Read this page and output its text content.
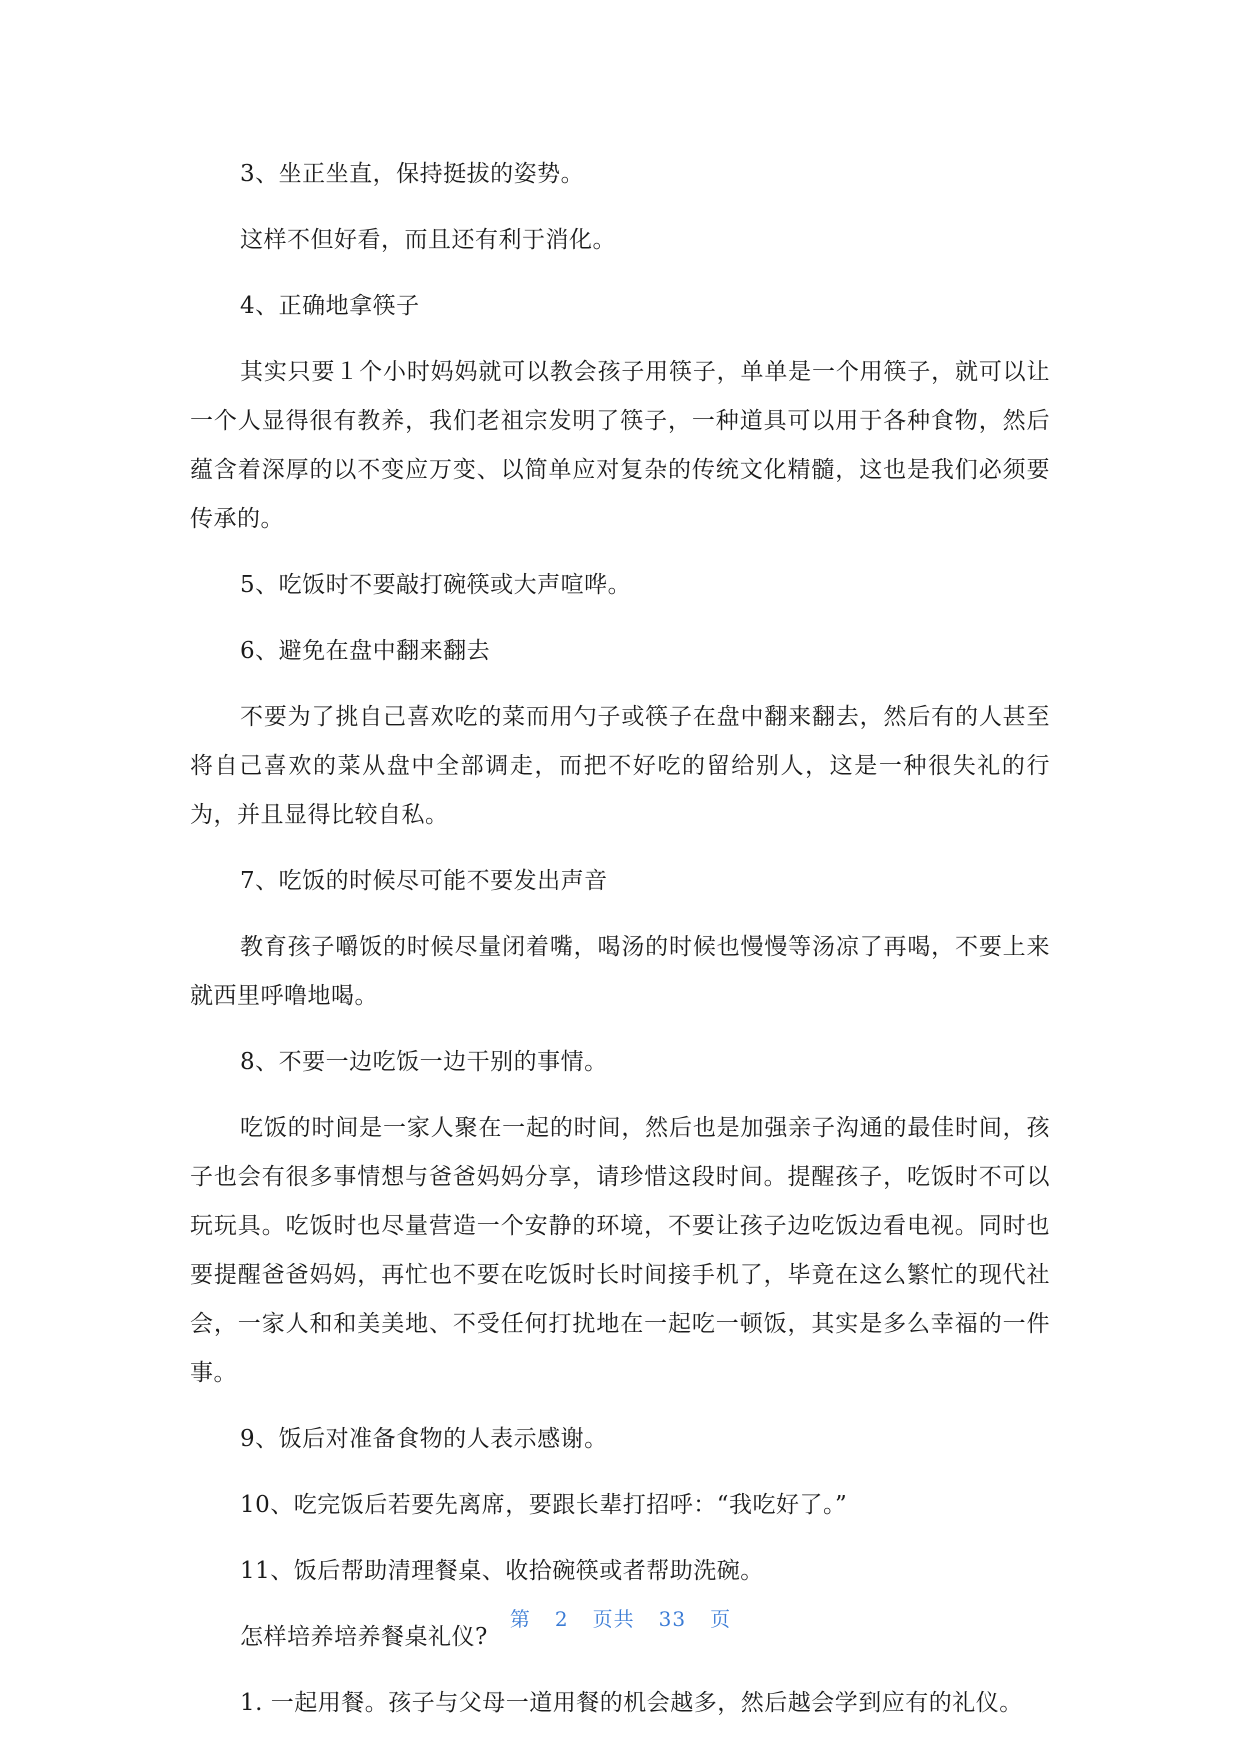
3、坐正坐直，保持挺拔的姿势。

这样不但好看，而且还有利于消化。

4、正确地拿筷子

其实只要１个小时妈妈就可以教会孩子用筷子，单单是一个用筷子，就可以让一个人显得很有教养，我们老祖宗发明了筷子，一种道具可以用于各种食物，然后蕴含着深厚的以不变应万变、以简单应对复杂的传统文化精髓，这也是我们必须要传承的。

5、吃饭时不要敲打碗筷或大声喧哗。

6、避免在盘中翻来翻去

不要为了挑自己喜欢吃的菜而用勺子或筷子在盘中翻来翻去，然后有的人甚至将自己喜欢的菜从盘中全部调走，而把不好吃的留给别人，这是一种很失礼的行为，并且显得比较自私。

7、吃饭的时候尽可能不要发出声音

教育孩子嚼饭的时候尽量闭着嘴，喝汤的时候也慢慢等汤凉了再喝，不要上来就西里呼噜地喝。

8、不要一边吃饭一边干别的事情。

吃饭的时间是一家人聚在一起的时间，然后也是加强亲子沟通的最佳时间，孩子也会有很多事情想与爸爸妈妈分享，请珍惜这段时间。提醒孩子，吃饭时不可以玩玩具。吃饭时也尽量营造一个安静的环境，不要让孩子边吃饭边看电视。同时也要提醒爸爸妈妈，再忙也不要在吃饭时长时间接手机了，毕竟在这么繁忙的现代社会，一家人和和美美地、不受任何打扰地在一起吃一顿饭，其实是多么幸福的一件事。

9、饭后对准备食物的人表示感谢。

10、吃完饭后若要先离席，要跟长辈打招呼：“我吃好了。”

11、饭后帮助清理餐桌、收拾碗筷或者帮助洗碗。

怎样培养培养餐桌礼仪?

1. 一起用餐。孩子与父母一道用餐的机会越多，然后越会学到应有的礼仪。

第 2 页共 33 页
